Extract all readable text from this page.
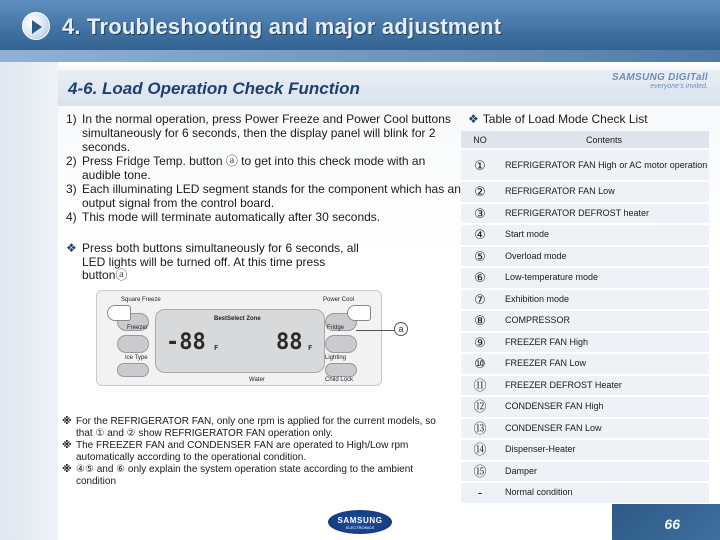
4. Troubleshooting and major adjustment
4-6. Load Operation Check Function
SAMSUNG DIGITall
everyone's invited.
1) In the normal operation, press Power Freeze and Power Cool buttons simultaneously for 6 seconds, then the display panel will blink for 2 seconds.
2) Press Fridge Temp. button ⓐ to get into this check mode with an audible tone.
3) Each illuminating LED segment stands for the component which has an output signal from the control board.
4) This mode will terminate automatically after 30 seconds.
❖ Press both buttons simultaneously for 6 seconds, all LED lights will be turned off. At this time press buttonⓐ
Square Freeze	Power Cool
Freezer	Fridge
Ice Type	Lighting
BestSelect Zone
-88 F	88 F
Child Lock
Water
a
※ For the REFRIGERATOR FAN, only one rpm is applied for the current models, so that ① and ② show REFRIGERATOR FAN operation only.
※ The FREEZER FAN and CONDENSER FAN are operated to High/Low rpm automatically according to the operational condition.
※ ④⑤ and ⑥ only explain the system operation state according to the ambient condition
❖ Table of Load Mode Check List
NO	Contents
①	REFRIGERATOR FAN High or AC motor operation
②	REFRIGERATOR FAN Low
③	REFRIGERATOR DEFROST heater
④	Start mode
⑤	Overload mode
⑥	Low-temperature mode
⑦	Exhibition mode
⑧	COMPRESSOR
⑨	FREEZER FAN High
⑩	FREEZER FAN Low
⑪	FREEZER DEFROST Heater
⑫	CONDENSER FAN High
⑬	CONDENSER FAN Low
⑭	Dispenser-Heater
⑮	Damper
-	Normal condition
SAMSUNG
ELECTRONICS	66
